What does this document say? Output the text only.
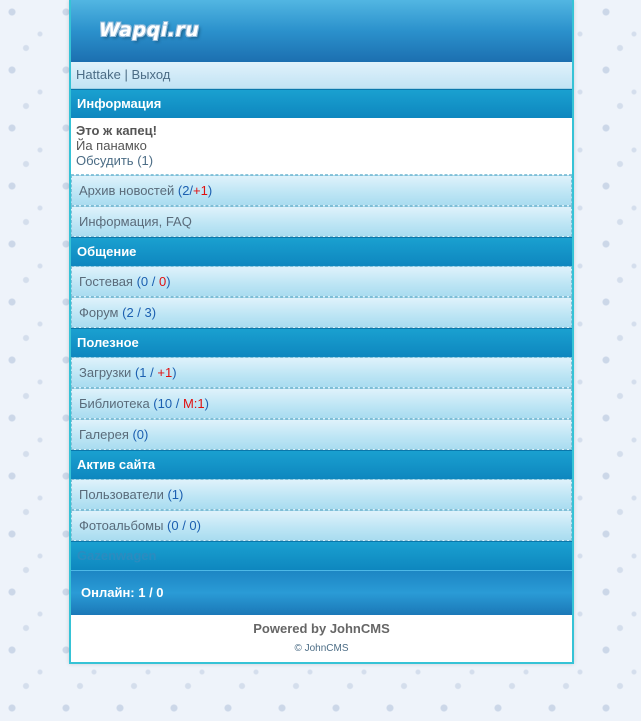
Wapqi.ru
Hattake | Выход
Информация
Это ж капец!
Йа панамко
Обсудить (1)
Архив новостей (2/+1)
Информация, FAQ
Общение
Гостевая (0 / 0)
Форум (2 / 3)
Полезное
Загрузки (1 / +1)
Библиотека (10 / М:1)
Галерея (0)
Актив сайта
Пользователи (1)
Фотоальбомы (0 / 0)
Gazenwagen
Онлайн: 1 / 0
Powered by JohnCMS
© JohnCMS
